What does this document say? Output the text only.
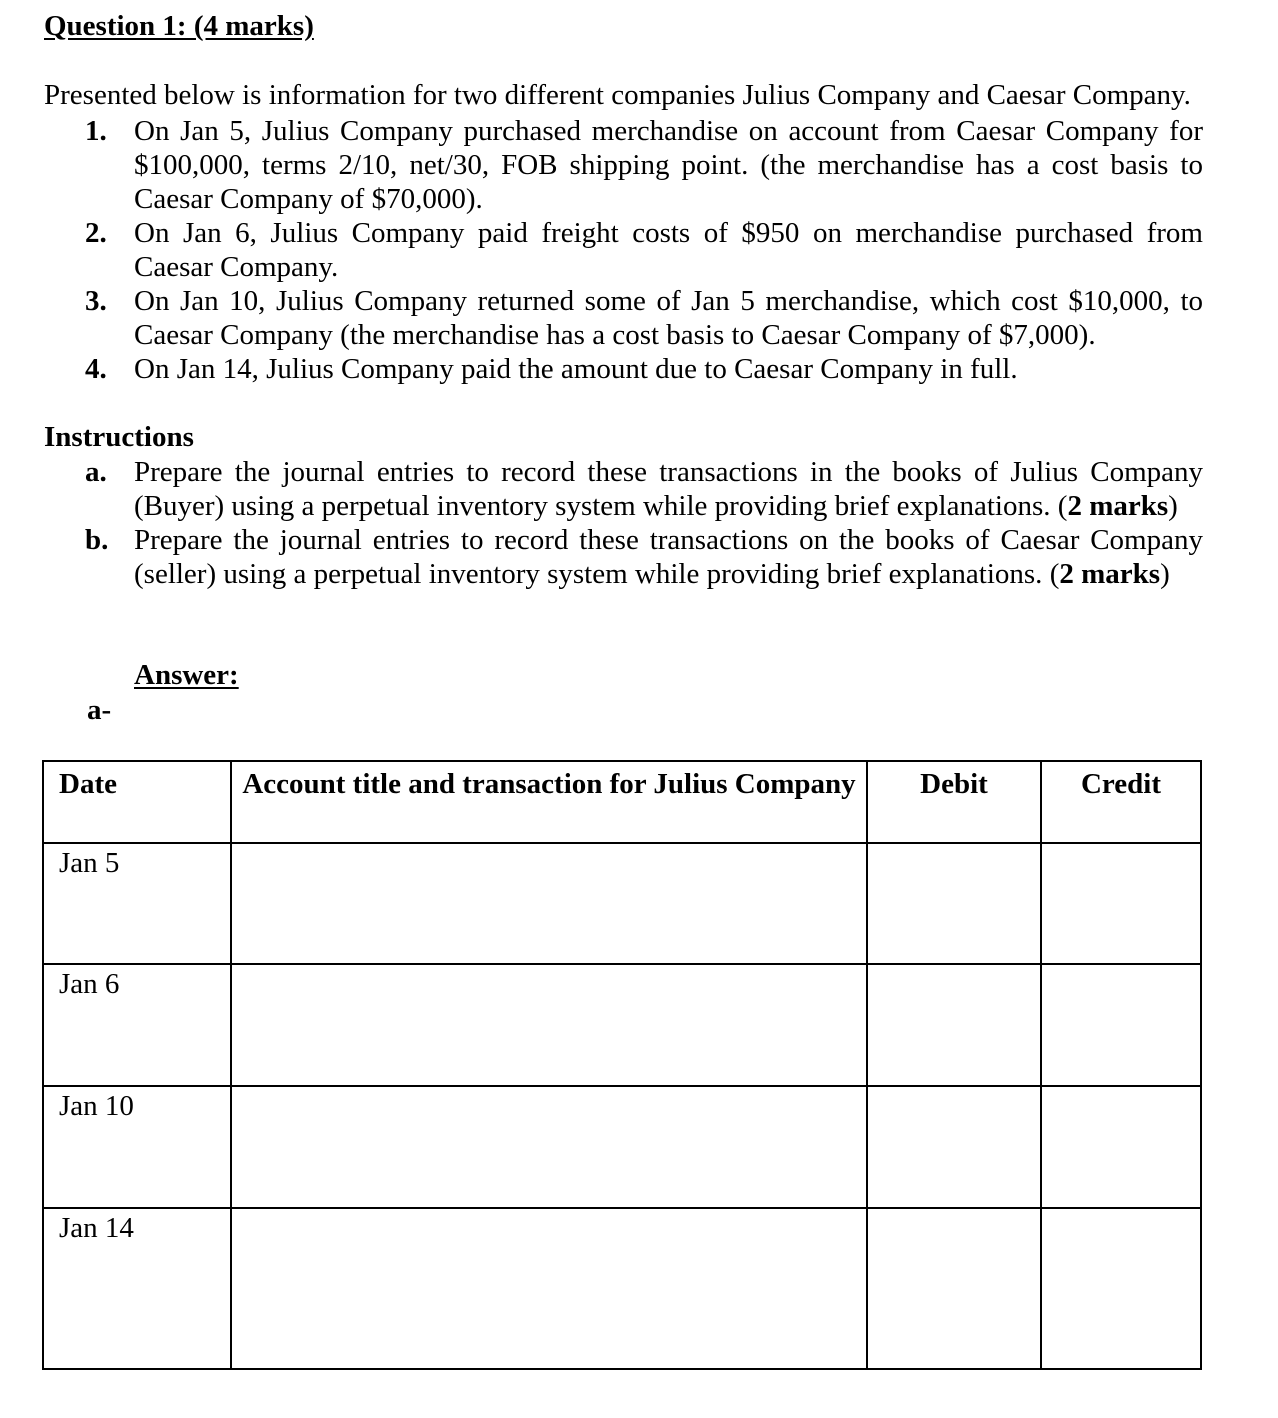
Question 1: (4 marks)
Presented below is information for two different companies Julius Company and Caesar Company.
1. On Jan 5, Julius Company purchased merchandise on account from Caesar Company for $100,000, terms 2/10, net/30, FOB shipping point. (the merchandise has a cost basis to Caesar Company of $70,000).
2. On Jan 6, Julius Company paid freight costs of $950 on merchandise purchased from Caesar Company.
3. On Jan 10, Julius Company returned some of Jan 5 merchandise, which cost $10,000, to Caesar Company (the merchandise has a cost basis to Caesar Company of $7,000).
4. On Jan 14, Julius Company paid the amount due to Caesar Company in full.
Instructions
a. Prepare the journal entries to record these transactions in the books of Julius Company (Buyer) using a perpetual inventory system while providing brief explanations. (2 marks)
b. Prepare the journal entries to record these transactions on the books of Caesar Company (seller) using a perpetual inventory system while providing brief explanations. (2 marks)
Answer:
a-
Date	Account title and transaction for Julius Company	Debit	Credit
Jan 5			
Jan 6			
Jan 10			
Jan 14			
